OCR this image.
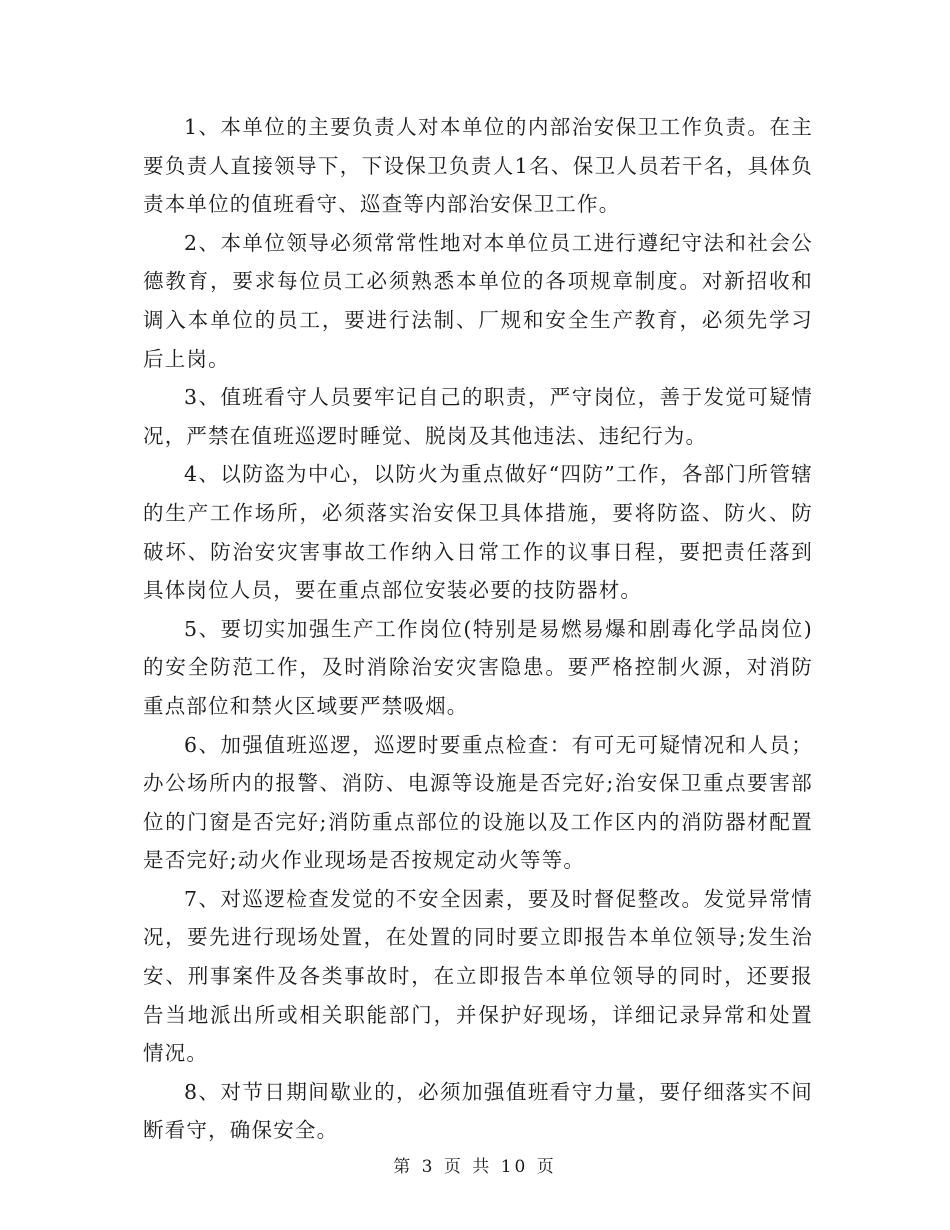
1、本单位的主要负责人对本单位的内部治安保卫工作负责。在主要负责人直接领导下，下设保卫负责人1名、保卫人员若干名，具体负责本单位的值班看守、巡查等内部治安保卫工作。

2、本单位领导必须常常性地对本单位员工进行遵纪守法和社会公德教育，要求每位员工必须熟悉本单位的各项规章制度。对新招收和调入本单位的员工，要进行法制、厂规和安全生产教育，必须先学习后上岗。

3、值班看守人员要牢记自己的职责，严守岗位，善于发觉可疑情况，严禁在值班巡逻时睡觉、脱岗及其他违法、违纪行为。

4、以防盗为中心，以防火为重点做好“四防”工作，各部门所管辖的生产工作场所，必须落实治安保卫具体措施，要将防盗、防火、防破坏、防治安灾害事故工作纳入日常工作的议事日程，要把责任落到具体岗位人员，要在重点部位安装必要的技防器材。

5、要切实加强生产工作岗位(特别是易燃易爆和剧毒化学品岗位)的安全防范工作，及时消除治安灾害隐患。要严格控制火源，对消防重点部位和禁火区域要严禁吸烟。

6、加强值班巡逻，巡逻时要重点检查：有可无可疑情况和人员；办公场所内的报警、消防、电源等设施是否完好;治安保卫重点要害部位的门窗是否完好;消防重点部位的设施以及工作区内的消防器材配置是否完好;动火作业现场是否按规定动火等等。

7、对巡逻检查发觉的不安全因素，要及时督促整改。发觉异常情况，要先进行现场处置，在处置的同时要立即报告本单位领导;发生治安、刑事案件及各类事故时，在立即报告本单位领导的同时，还要报告当地派出所或相关职能部门，并保护好现场，详细记录异常和处置情况。

8、对节日期间歇业的，必须加强值班看守力量，要仔细落实不间断看守，确保安全。

第 3 页 共 10 页
